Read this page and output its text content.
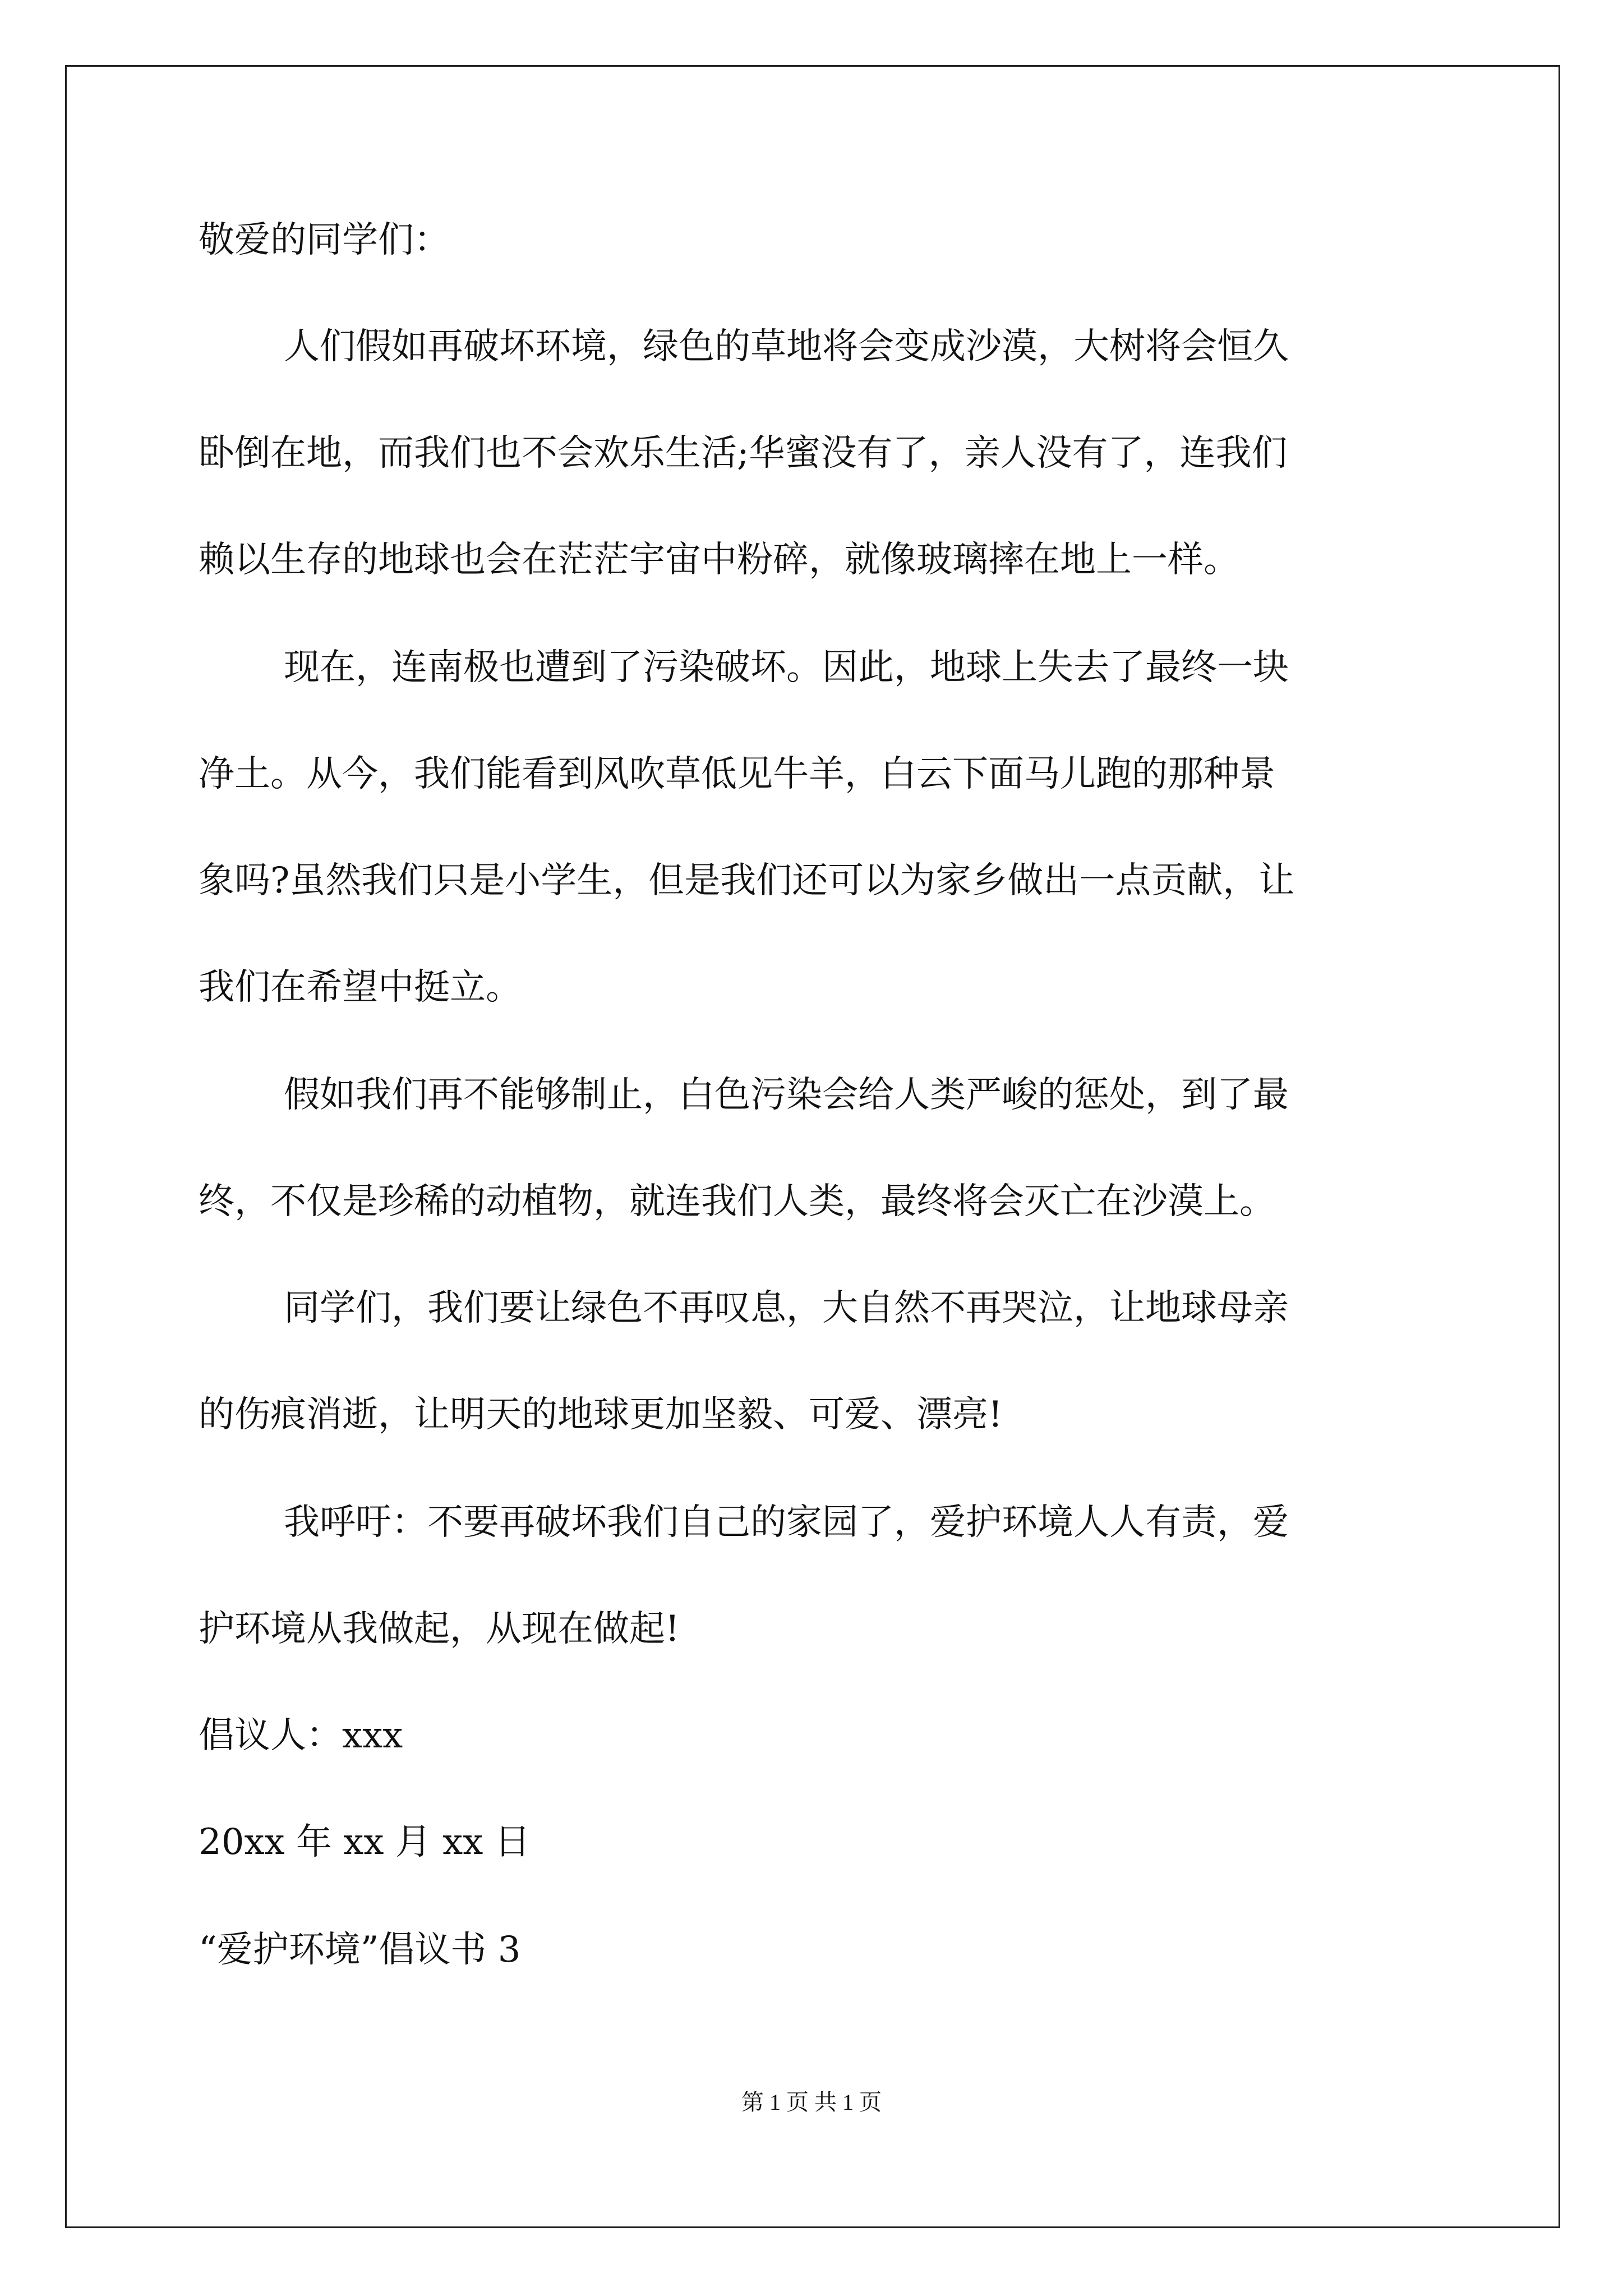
敬爱的同学们：
人们假如再破坏环境，绿色的草地将会变成沙漠，大树将会恒久
卧倒在地，而我们也不会欢乐生活;华蜜没有了，亲人没有了，连我们
赖以生存的地球也会在茫茫宇宙中粉碎，就像玻璃摔在地上一样。
现在，连南极也遭到了污染破坏。因此，地球上失去了最终一块
净土。从今，我们能看到风吹草低见牛羊，白云下面马儿跑的那种景
象吗?虽然我们只是小学生，但是我们还可以为家乡做出一点贡献，让
我们在希望中挺立。
假如我们再不能够制止，白色污染会给人类严峻的惩处，到了最
终，不仅是珍稀的动植物，就连我们人类，最终将会灭亡在沙漠上。
同学们，我们要让绿色不再叹息，大自然不再哭泣，让地球母亲
的伤痕消逝，让明天的地球更加坚毅、可爱、漂亮!
我呼吁：不要再破坏我们自己的家园了，爱护环境人人有责，爱
护环境从我做起，从现在做起!
倡议人：xxx
20xx 年 xx 月 xx 日
“爱护环境”倡议书 3
第 1 页 共 1 页
